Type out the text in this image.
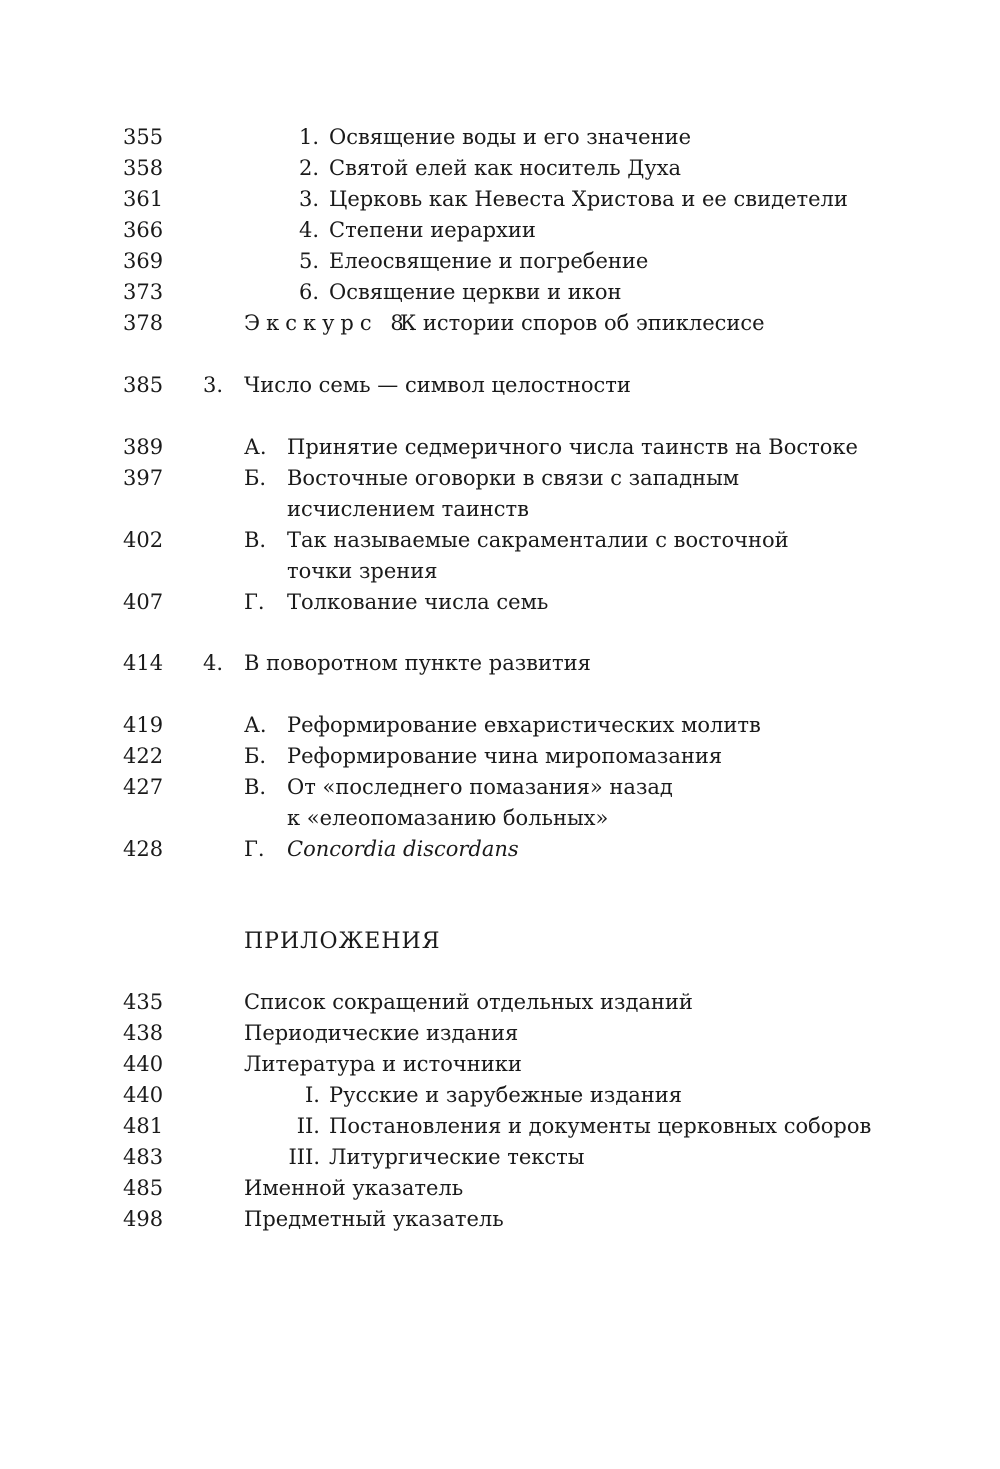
355	1. Освящение воды и его значение
358	2. Святой елей как носитель Духа
361	3. Церковь как Невеста Христова и ее свидетели
366	4. Степени иерархии
369	5. Елеосвящение и погребение
373	6. Освящение церкви и икон
378	Экскурс 8.
К истории споров об эпиклесисе
385 3. Число семь — символ целостности
389	А. Принятие седмеричного числа таинств на Востоке
397	Б. Восточные оговорки в связи с западным
исчислением таинств
402	В. Так называемые сакраменталии с восточной
точки зрения
407	Г. Толкование числа семь
414 4. В поворотном пункте развития
419	А. Реформирование евхаристических молитв
422	Б. Реформирование чина миропомазания
427	В. От «последнего помазания» назад
к «елеопомазанию больных»
428	Г. Concordia discordans
ПРИЛОЖЕНИЯ
435	Список сокращений отдельных изданий
438	Периодические издания
440	Литература и источники
440	I. Русские и зарубежные издания
481	II. Постановления и документы церковных соборов
483	III. Литургические тексты
485	Именной указатель
498	Предметный указатель
